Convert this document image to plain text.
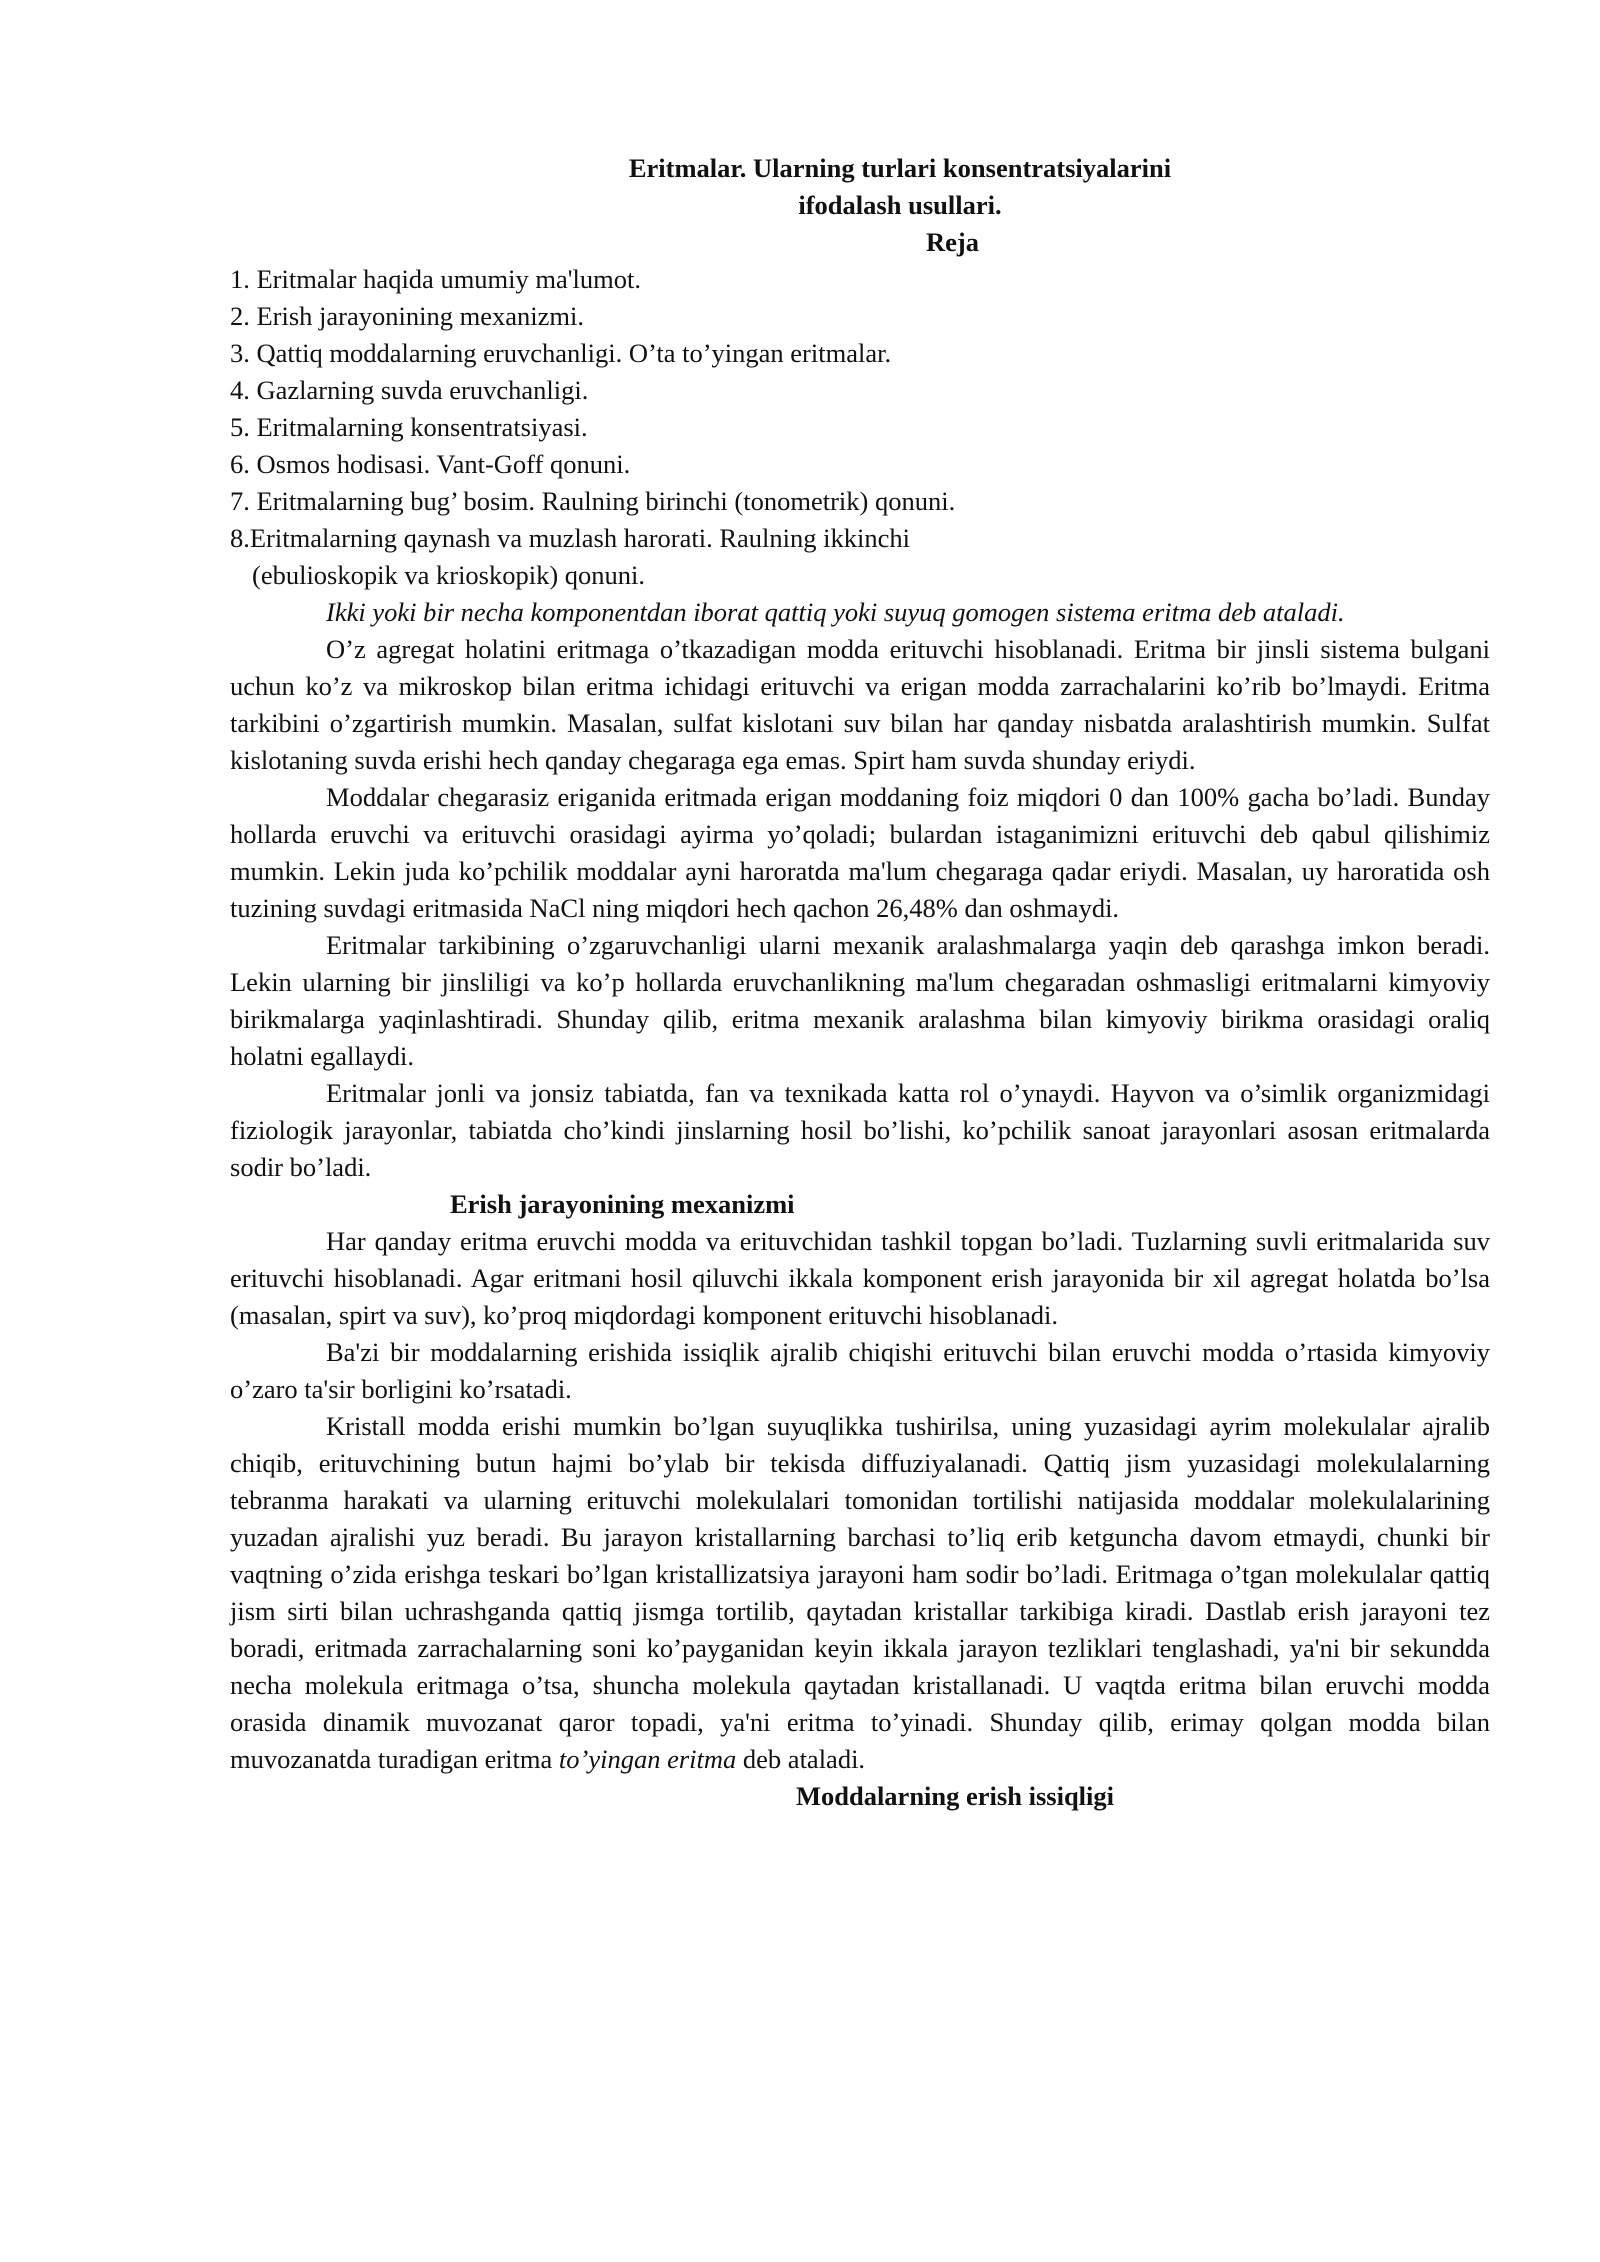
Eritmalar. Ularning turlari konsentratsiyalarini

ifodalash usullari.

Reja

1. Eritmalar haqida umumiy ma'lumot.
2. Erish jarayonining mexanizmi.
3. Qattiq moddalarning eruvchanligi. O’ta to’yingan eritmalar.
4. Gazlarning suvda eruvchanligi.
5. Eritmalarning konsentratsiyasi.
6. Osmos hodisasi. Vant-Goff qonuni.
7. Eritmalarning bug’ bosim. Raulning birinchi (tonometrik) qonuni.
8.Eritmalarning qaynash va muzlash harorati. Raulning ikkinchi
(ebulioskopik va krioskopik) qonuni.

Ikki yoki bir necha komponentdan iborat qattiq yoki suyuq gomogen sistema eritma deb ataladi.

O’z agregat holatini eritmaga o’tkazadigan modda erituvchi hisoblanadi. Eritma bir jinsli sistema bulgani uchun ko’z va mikroskop bilan eritma ichidagi erituvchi va erigan modda zarrachalarini ko’rib bo’lmaydi. Eritma tarkibini o’zgartirish mumkin. Masalan, sulfat kislotani suv bilan har qanday nisbatda aralashtirish mumkin. Sulfat kislotaning suvda erishi hech qanday chegaraga ega emas. Spirt ham suvda shunday eriydi.

Moddalar chegarasiz eriganida eritmada erigan moddaning foiz miqdori 0 dan 100% gacha bo’ladi. Bunday hollarda eruvchi va erituvchi orasidagi ayirma yo’qoladi; bulardan istaganimizni erituvchi deb qabul qilishimiz mumkin. Lekin juda ko’pchilik moddalar ayni haroratda ma'lum chegaraga qadar eriydi. Masalan, uy haroratida osh tuzining suvdagi eritmasida NaCl ning miqdori hech qachon 26,48% dan oshmaydi.

Eritmalar tarkibining o’zgaruvchanligi ularni mexanik aralashmalarga yaqin deb qarashga imkon beradi. Lekin ularning bir jinsliligi va ko’p hollarda eruvchanlikning ma'lum chegaradan oshmasligi eritmalarni kimyoviy birikmalarga yaqinlashtiradi. Shunday qilib, eritma mexanik aralashma bilan kimyoviy birikma orasidagi oraliq holatni egallaydi.

Eritmalar jonli va jonsiz tabiatda, fan va texnikada katta rol o’ynaydi. Hayvon va o’simlik organizmidagi fiziologik jarayonlar, tabiatda cho’kindi jinslarning hosil bo’lishi, ko’pchilik sanoat jarayonlari asosan eritmalarda sodir bo’ladi.

Erish jarayonining mexanizmi

Har qanday eritma eruvchi modda va erituvchidan tashkil topgan bo’ladi. Tuzlarning suvli eritmalarida suv erituvchi hisoblanadi. Agar eritmani hosil qiluvchi ikkala komponent erish jarayonida bir xil agregat holatda bo’lsa (masalan, spirt va suv), ko’proq miqdordagi komponent erituvchi hisoblanadi.

Ba'zi bir moddalarning erishida issiqlik ajralib chiqishi erituvchi bilan eruvchi modda o’rtasida kimyoviy o’zaro ta'sir borligini ko’rsatadi.

Kristall modda erishi mumkin bo’lgan suyuqlikka tushirilsa, uning yuzasidagi ayrim molekulalar ajralib chiqib, erituvchining butun hajmi bo’ylab bir tekisda diffuziyalanadi. Qattiq jism yuzasidagi molekulalarning tebranma harakati va ularning erituvchi molekulalari tomonidan tortilishi natijasida moddalar molekulalarining yuzadan ajralishi yuz beradi. Bu jarayon kristallarning barchasi to’liq erib ketguncha davom etmaydi, chunki bir vaqtning o’zida erishga teskari bo’lgan kristallizatsiya jarayoni ham sodir bo’ladi. Eritmaga o’tgan molekulalar qattiq jism sirti bilan uchrashganda qattiq jismga tortilib, qaytadan kristallar tarkibiga kiradi. Dastlab erish jarayoni tez boradi, eritmada zarrachalarning soni ko’payganidan keyin ikkala jarayon tezliklari tenglashadi, ya'ni bir sekundda necha molekula eritmaga o’tsa, shuncha molekula qaytadan kristallanadi. U vaqtda eritma bilan eruvchi modda orasida dinamik muvozanat qaror topadi, ya'ni eritma to’yinadi. Shunday qilib, erimay qolgan modda bilan muvozanatda turadigan eritma to’yingan eritma deb ataladi.

Moddalarning erish issiqligi
